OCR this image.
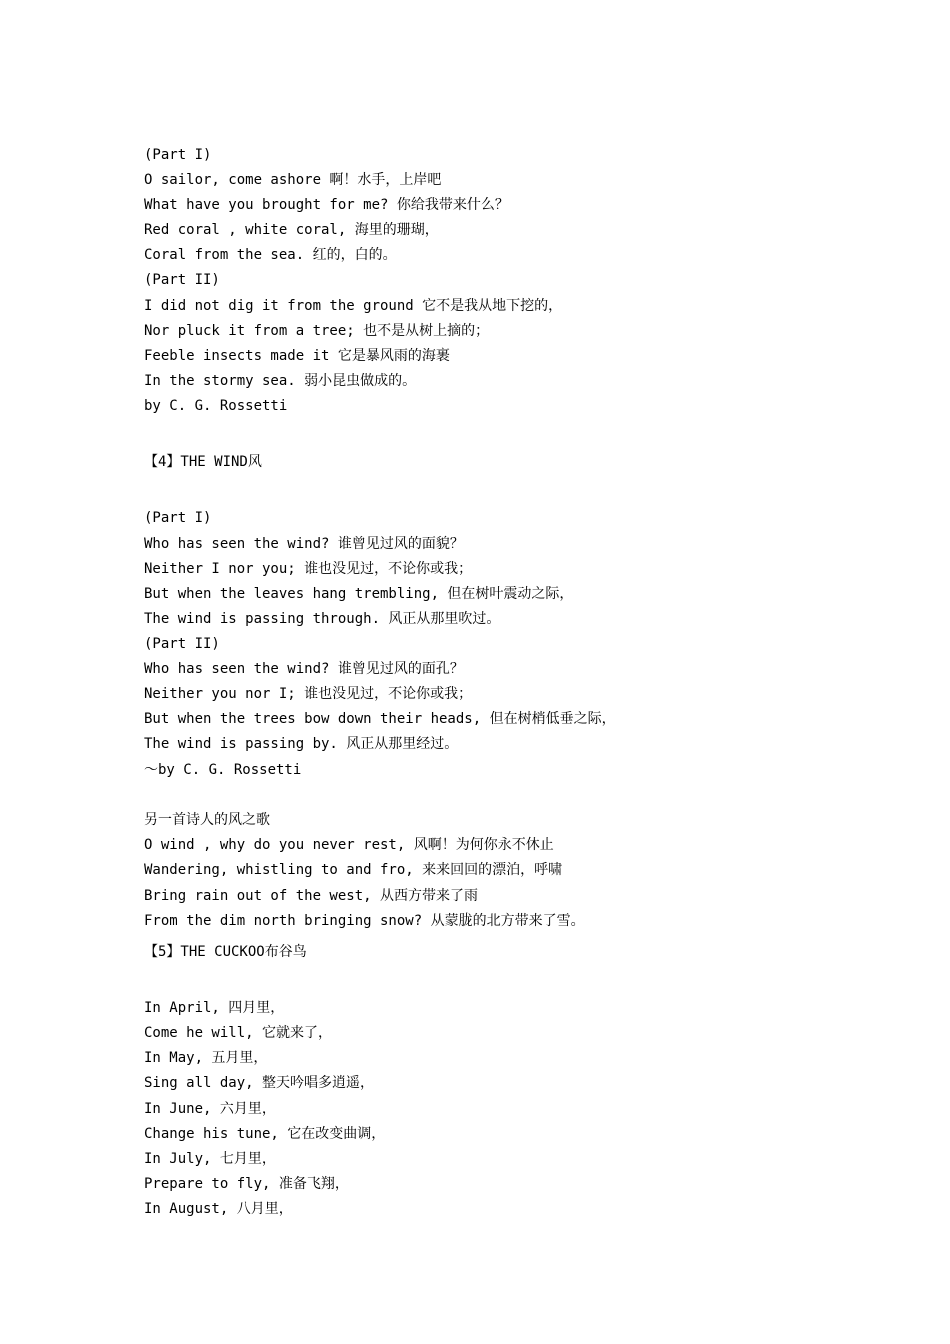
(Part I)
O sailor, come ashore 啊！水手，上岸吧
What have you brought for me? 你给我带来什么？
Red coral , white coral, 海里的珊瑚，
Coral from the sea. 红的，白的。
(Part II)
I did not dig it from the ground 它不是我从地下挖的，
Nor pluck it from a tree; 也不是从树上摘的；
Feeble insects made it 它是暴风雨的海裹
In the stormy sea. 弱小昆虫做成的。
by C. G. Rossetti
【4】THE WIND风
(Part I)
Who has seen the wind? 谁曾见过风的面貌？
Neither I nor you; 谁也没见过，不论你或我；
But when the leaves hang trembling, 但在树叶震动之际，
The wind is passing through. 风正从那里吹过。
(Part II)
Who has seen the wind? 谁曾见过风的面孔？
Neither you nor I; 谁也没见过，不论你或我；
But when the trees bow down their heads, 但在树梢低垂之际，
The wind is passing by. 风正从那里经过。
～by C. G. Rossetti
另一首诗人的风之歌
O wind , why do you never rest, 风啊！为何你永不休止
Wandering, whistling to and fro, 来来回回的漂泊，呼啸
Bring rain out of the west, 从西方带来了雨
From the dim north bringing snow? 从蒙胧的北方带来了雪。
【5】THE CUCKOO布谷鸟
In April, 四月里，
Come he will, 它就来了，
In May, 五月里，
Sing all day, 整天吟唱多逍遥，
In June, 六月里，
Change his tune, 它在改变曲调，
In July, 七月里，
Prepare to fly, 准备飞翔，
In August, 八月里，
